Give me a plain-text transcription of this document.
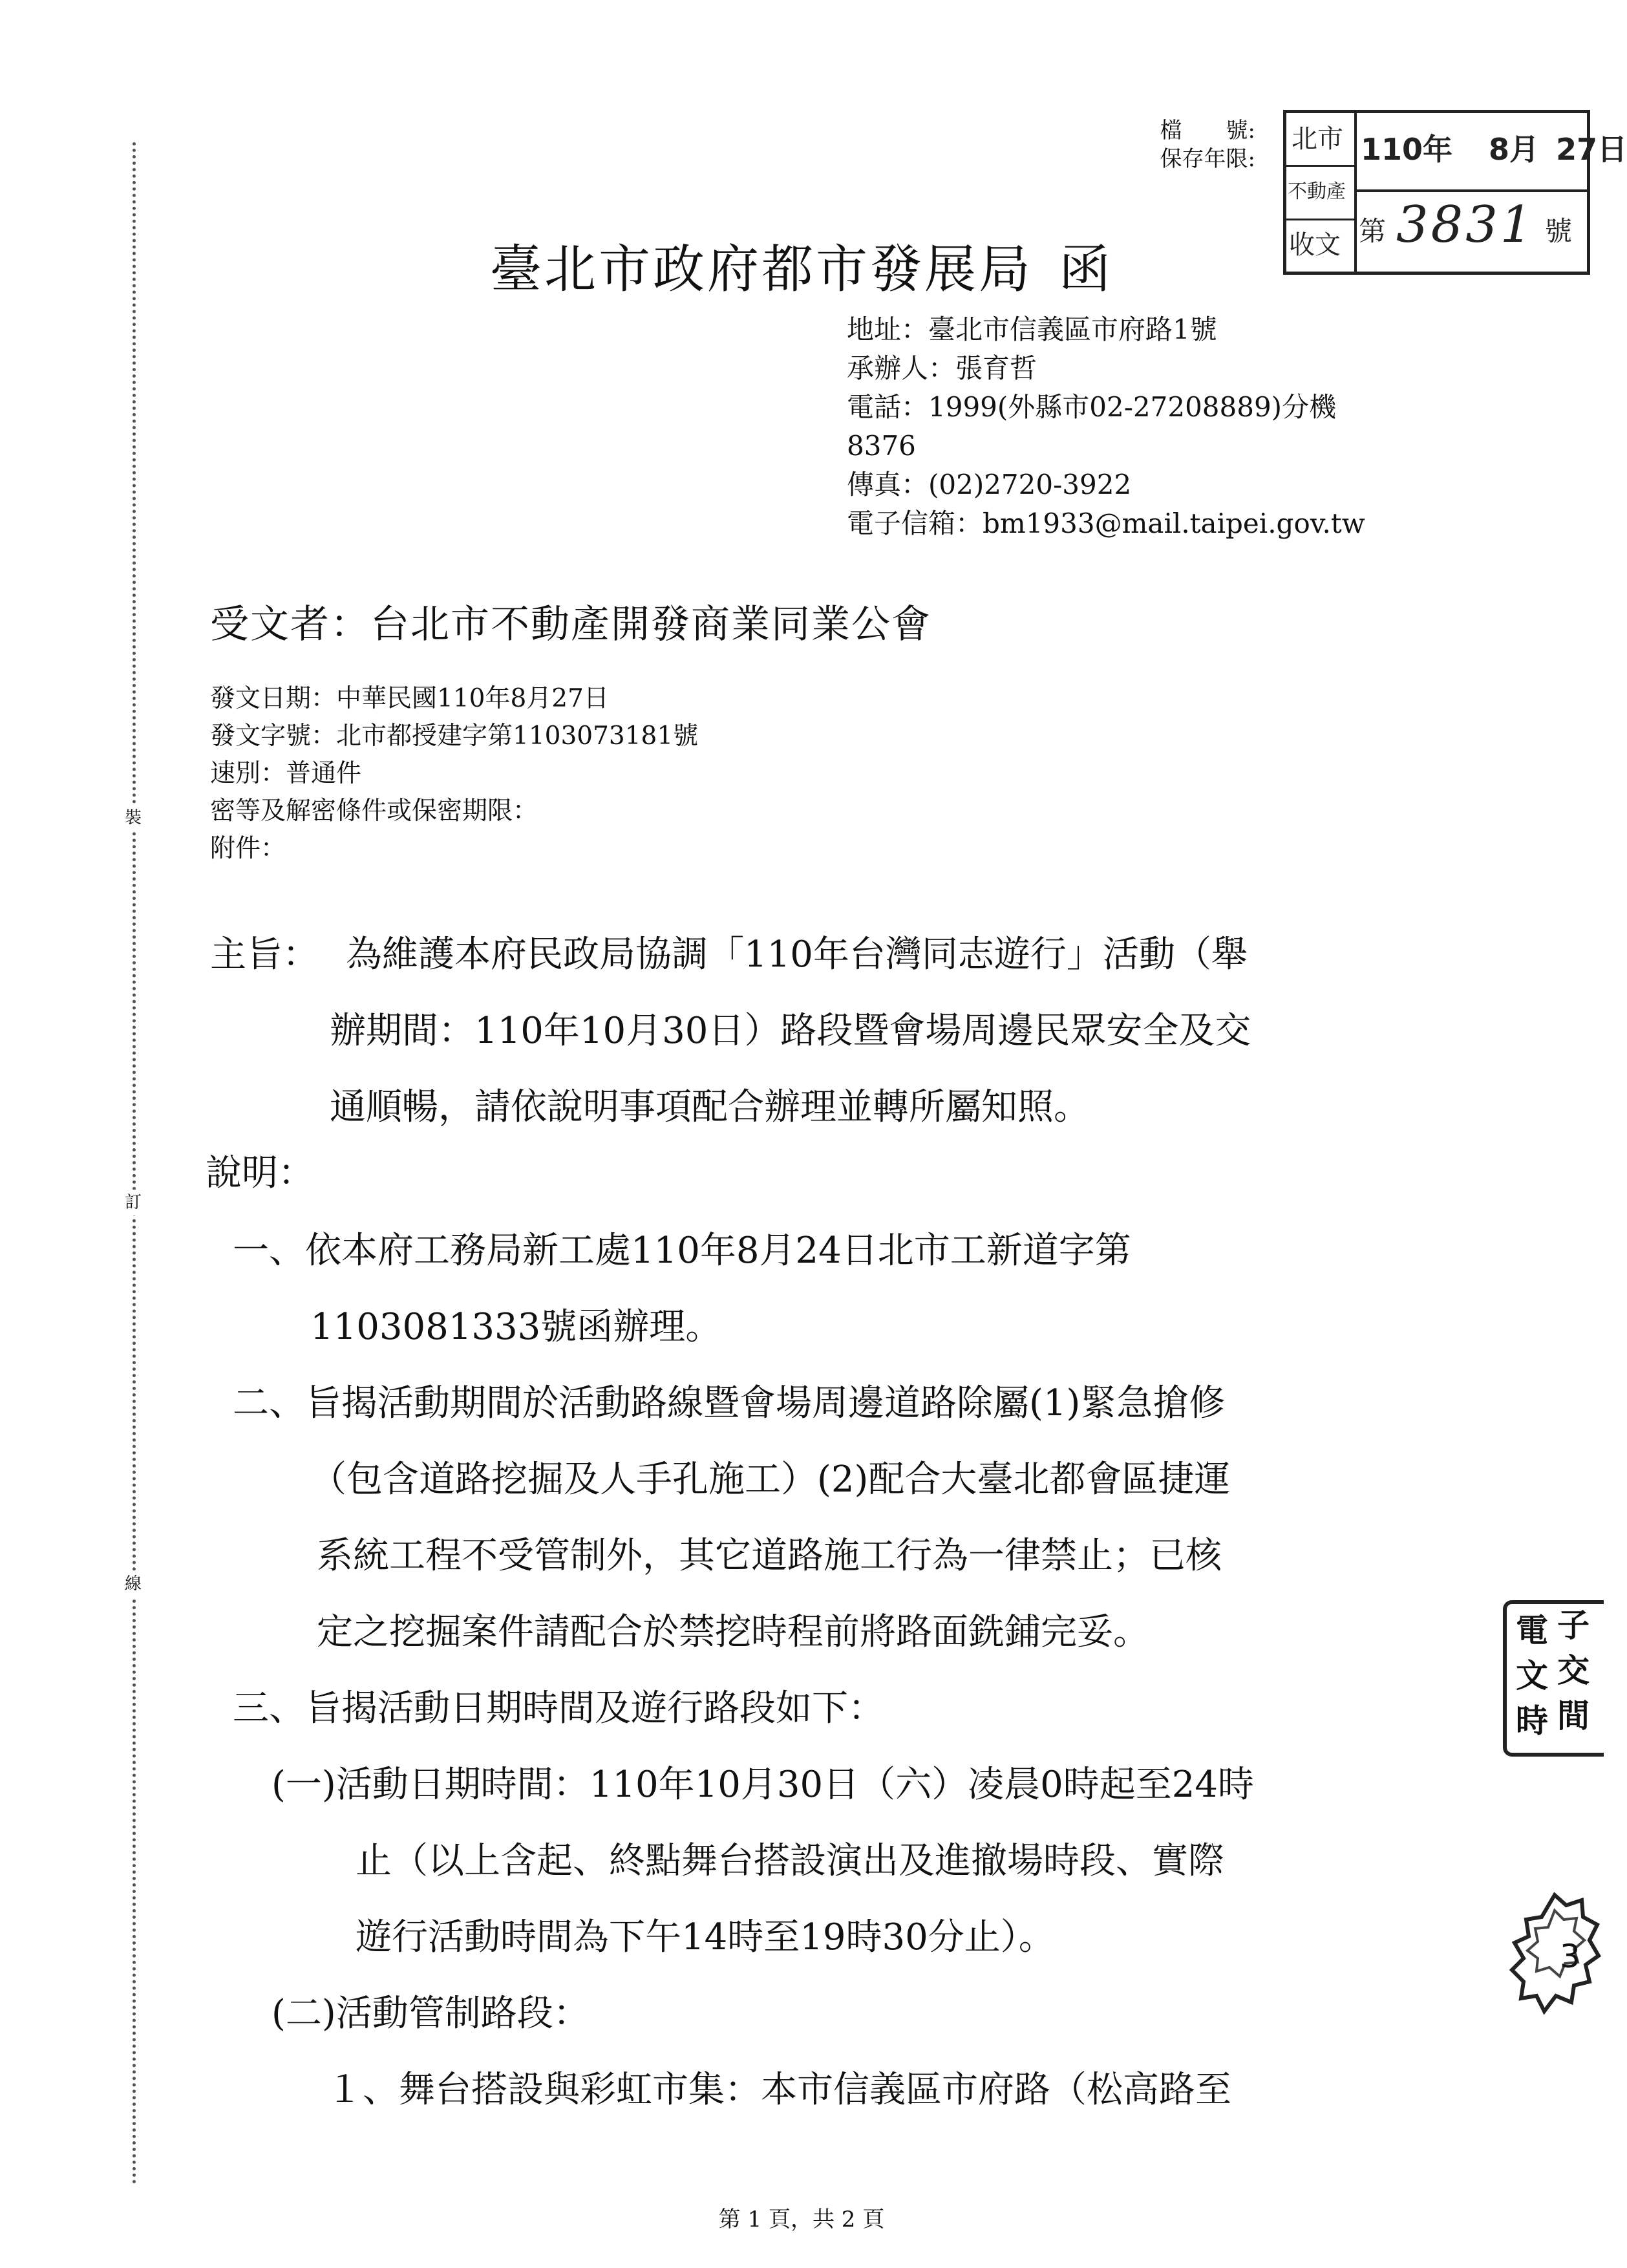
裝
訂
線
檔　　號:
保存年限:
北市
不動產
收文
110年 8月 27日
第 3831 號
臺北市政府都市發展局 函
地址：臺北市信義區市府路1號
承辦人：張育哲
電話：1999(外縣市02-27208889)分機
8376
傳真：(02)2720-3922
電子信箱：bm1933@mail.taipei.gov.tw
受文者：台北市不動產開發商業同業公會
發文日期：中華民國110年8月27日
發文字號：北市都授建字第1103073181號
速別：普通件
密等及解密條件或保密期限：
附件：
主旨： 為維護本府民政局協調「110年台灣同志遊行」活動（舉
辦期間：110年10月30日）路段暨會場周邊民眾安全及交
通順暢，請依說明事項配合辦理並轉所屬知照。
說明：
一、依本府工務局新工處110年8月24日北市工新道字第
1103081333號函辦理。
二、旨揭活動期間於活動路線暨會場周邊道路除屬(1)緊急搶修
（包含道路挖掘及人手孔施工）(2)配合大臺北都會區捷運
系統工程不受管制外，其它道路施工行為一律禁止；已核
定之挖掘案件請配合於禁挖時程前將路面銑鋪完妥。
三、旨揭活動日期時間及遊行路段如下：
(一)活動日期時間：110年10月30日（六）凌晨0時起至24時
止（以上含起、終點舞台搭設演出及進撤場時段、實際
遊行活動時間為下午14時至19時30分止）。
(二)活動管制路段：
１、舞台搭設與彩虹市集：本市信義區市府路（松高路至
電 子
文 交
時 間
3
第 1 頁，共 2 頁
